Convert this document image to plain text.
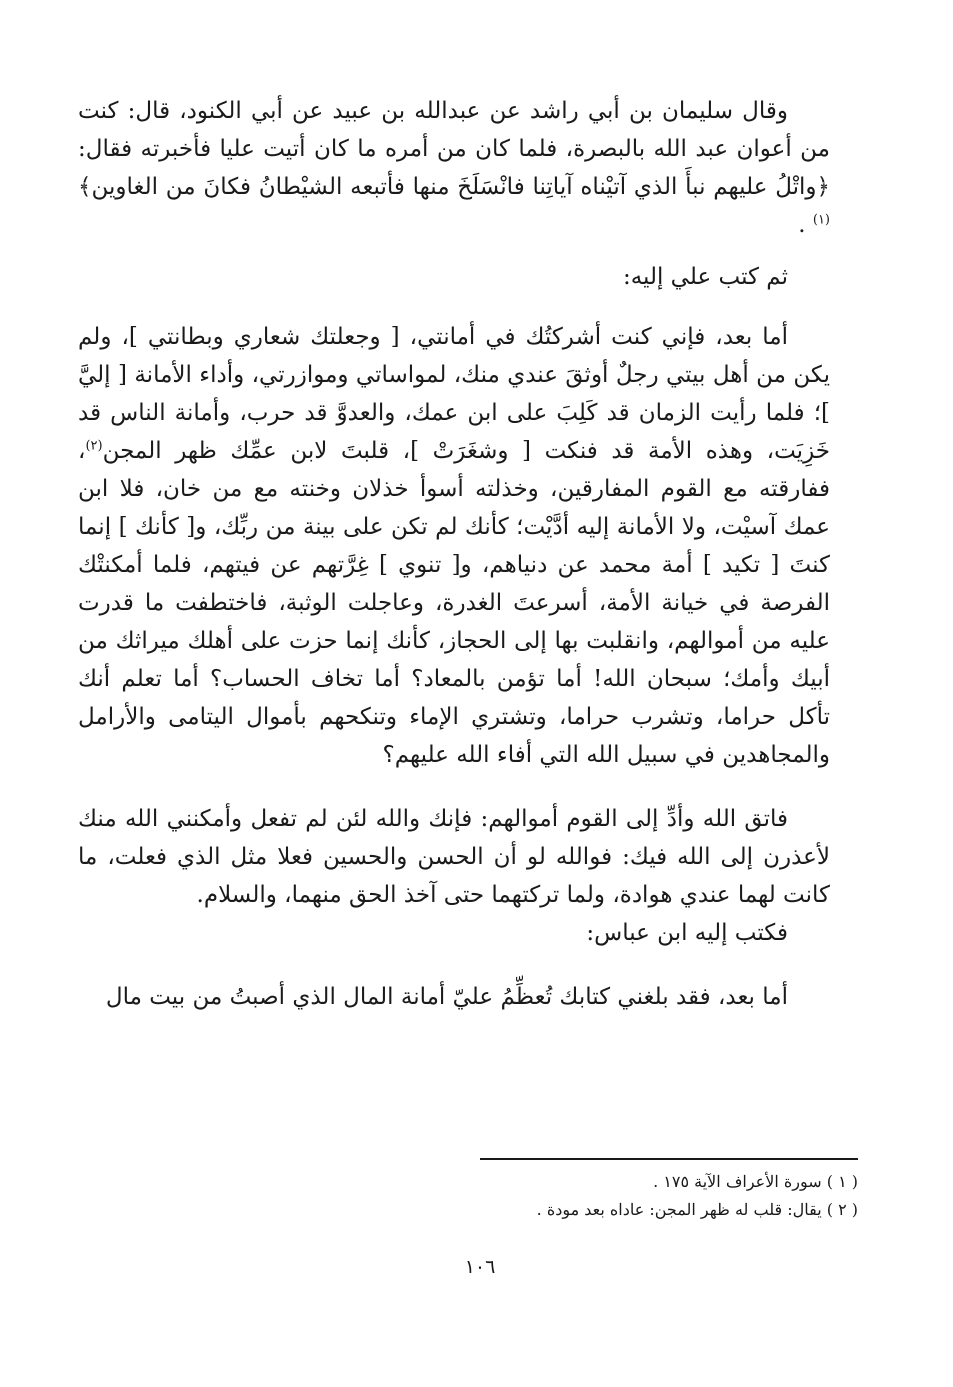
وقال سليمان بن أبي راشد عن عبدالله بن عبيد عن أبي الكنود، قال: كنت من أعوان عبد الله بالبصرة، فلما كان من أمره ما كان أتيت عليا فأخبرته فقال: ﴿واتْلُ عليهم نبأَ الذي آتيْناه آياتِنا فانْسَلَخَ منها فأتبعه الشيْطانُ فكانَ من الغاوين﴾$^{(١)}$ .

ثم كتب علي إليه:

أما بعد، فإني كنت أشركتُك في أمانتي، [ وجعلتك شعاري وبطانتي ]، ولم يكن من أهل بيتي رجلٌ أوثقَ عندي منك، لمواساتي وموازرتي، وأداء الأمانة [ إليَّ ]؛ فلما رأيت الزمان قد كَلِبَ على ابن عمك، والعدوَّ قد حرب، وأمانة الناس قد خَزِيَت، وهذه الأمة قد فنكت [ وشغَرَتْ ]، قلبتَ لابن عمِّك ظهر المجن$^{(٢)}$، ففارقته مع القوم المفارقين، وخذلته أسوأ خذلان وخنته مع من خان، فلا ابن عمك آسيْت، ولا الأمانة إليه أدَّيْت؛ كأنك لم تكن على بينة من ربِّك، و[ كأنك ] إنما كنتَ [ تكيد ] أمة محمد عن دنياهم، و[ تنوي ] غِرَّتهم عن فيتهم، فلما أمكنتْك الفرصة في خيانة الأمة، أسرعتَ الغدرة، وعاجلت الوثبة، فاختطفت ما قدرت عليه من أموالهم، وانقلبت بها إلى الحجاز، كأنك إنما حزت على أهلك ميراثك من أبيك وأمك؛ سبحان الله! أما تؤمن بالمعاد؟ أما تخاف الحساب؟ أما تعلم أنك تأكل حراما، وتشرب حراما، وتشتري الإماء وتنكحهم بأموال اليتامى والأرامل والمجاهدين في سبيل الله التي أفاء الله عليهم؟

فاتق الله وأدِّ إلى القوم أموالهم: فإنك والله لئن لم تفعل وأمكنني الله منك لأعذرن إلى الله فيك: فوالله لو أن الحسن والحسين فعلا مثل الذي فعلت، ما كانت لهما عندي هوادة، ولما تركتهما حتى آخذ الحق منهما، والسلام.

فكتب إليه ابن عباس:

أما بعد، فقد بلغني كتابك تُعظِّمُ عليّ أمانة المال الذي أصبتُ من بيت مال

( ١ ) سورة الأعراف الآية ١٧٥ .

( ٢ ) يقال: قلب له ظهر المجن: عاداه بعد مودة .

١٠٦
